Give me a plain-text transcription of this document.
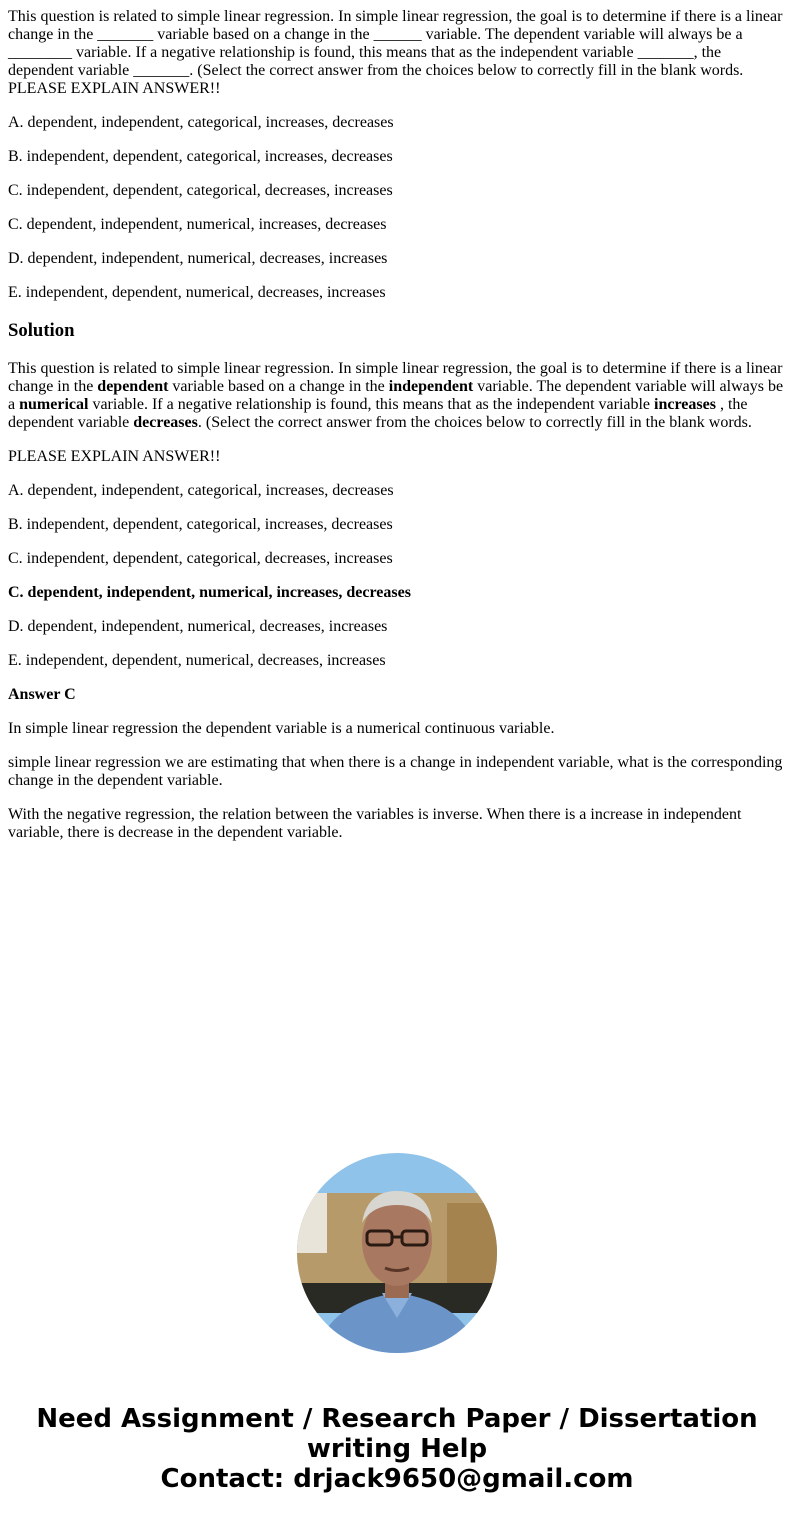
This question is related to simple linear regression. In simple linear regression, the goal is to determine if there is a linear change in the _______ variable based on a change in the ______ variable. The dependent variable will always be a ________ variable. If a negative relationship is found, this means that as the independent variable _______, the dependent variable _______. (Select the correct answer from the choices below to correctly fill in the blank words. PLEASE EXPLAIN ANSWER!!

A. dependent, independent, categorical, increases, decreases

B. independent, dependent, categorical, increases, decreases

C. independent, dependent, categorical, decreases, increases

C. dependent, independent, numerical, increases, decreases

D. dependent, independent, numerical, decreases, increases

E. independent, dependent, numerical, decreases, increases

Solution

This question is related to simple linear regression. In simple linear regression, the goal is to determine if there is a linear change in the dependent variable based on a change in the independent variable. The dependent variable will always be a numerical variable. If a negative relationship is found, this means that as the independent variable increases , the dependent variable decreases. (Select the correct answer from the choices below to correctly fill in the blank words.

PLEASE EXPLAIN ANSWER!!

A. dependent, independent, categorical, increases, decreases

B. independent, dependent, categorical, increases, decreases

C. independent, dependent, categorical, decreases, increases

C. dependent, independent, numerical, increases, decreases

D. dependent, independent, numerical, decreases, increases

E. independent, dependent, numerical, decreases, increases

Answer C

In simple linear regression the dependent variable is a numerical continuous variable.

simple linear regression we are estimating that when there is a change in independent variable, what is the corresponding change in the dependent variable.

With the negative regression, the relation between the variables is inverse. When there is a increase in independent variable, there is decrease in the dependent variable.

Need Assignment / Research Paper / Dissertation
writing Help
Contact: drjack9650@gmail.com
